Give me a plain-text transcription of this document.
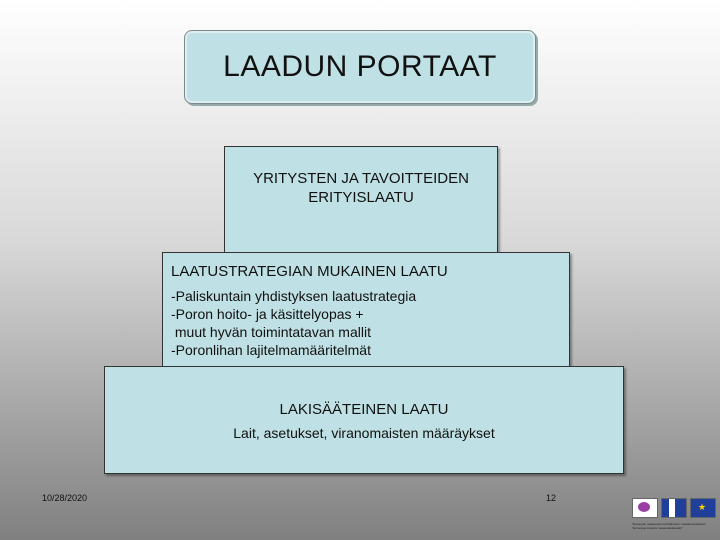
LAADUN PORTAAT
YRITYSTEN JA TAVOITTEIDEN
ERITYISLAATU
LAATUSTRATEGIAN MUKAINEN LAATU
-Paliskuntain yhdistyksen laatustrategia
-Poron hoito- ja käsittelyopas +
muut hyvän toimintatavan mallit
-Poronlihan lajitelmamääritelmät
LAKISÄÄTEINEN LAATU
Lait, asetukset, viranomaisten määräykset
10/28/2020	12
★
"Euroopan maaseudun kehittämisen maatalousrahasto"
"Eurooppa investoi maaseutualueisiin"
